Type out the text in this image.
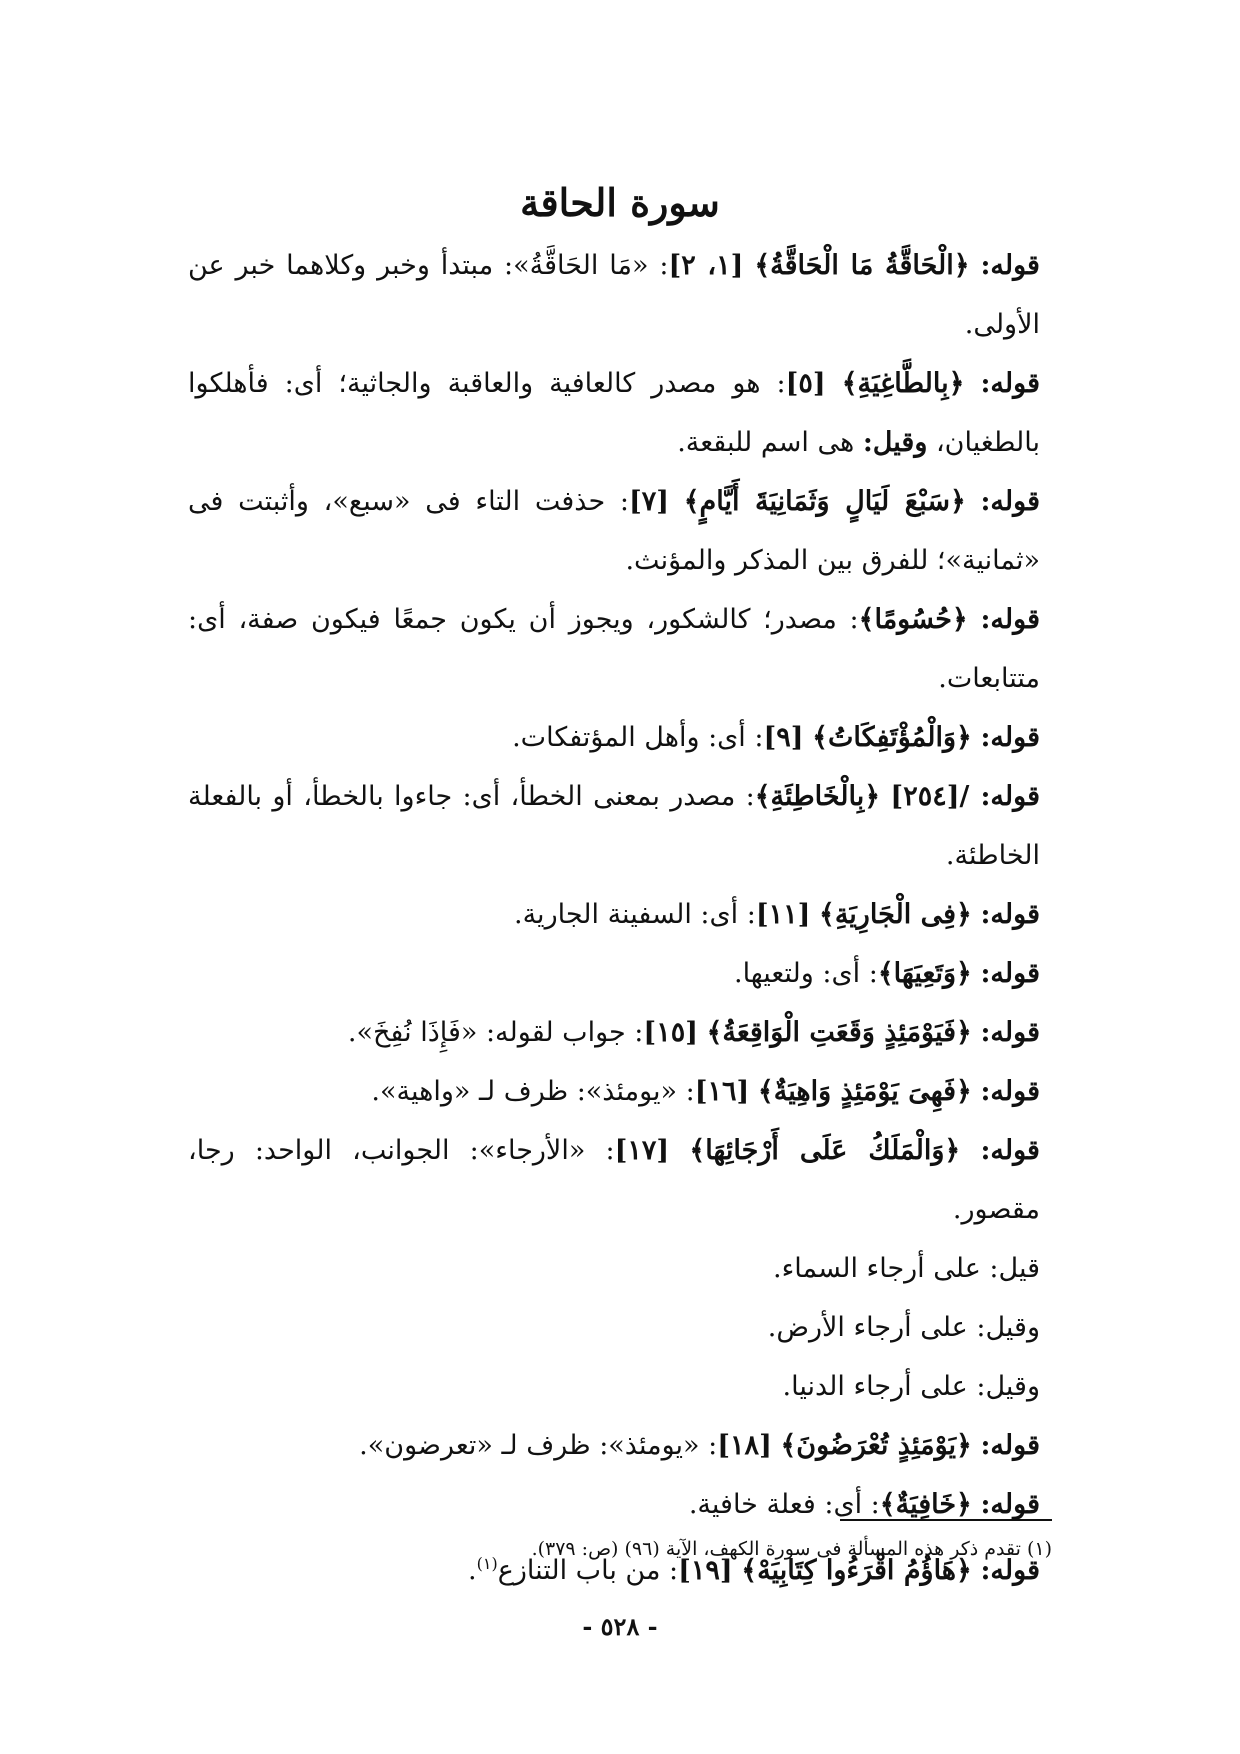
سورة الحاقة

قوله: ﴿الْحَاقَّةُ مَا الْحَاقَّةُ﴾ [١، ٢]: «مَا الحَاقَّةُ»: مبتدأ وخبر وكلاهما خبر عن الأولى.

قوله: ﴿بِالطَّاغِيَةِ﴾ [٥]: هو مصدر كالعافية والعاقبة والجاثية؛ أى: فأهلكوا بالطغيان، وقيل: هى اسم للبقعة.

قوله: ﴿سَبْعَ لَيَالٍ وَثَمَانِيَةَ أَيَّامٍ﴾ [٧]: حذفت التاء فى «سبع»، وأثبتت فى «ثمانية»؛ للفرق بين المذكر والمؤنث.

قوله: ﴿حُسُومًا﴾: مصدر؛ كالشكور، ويجوز أن يكون جمعًا فيكون صفة، أى: متتابعات.

قوله: ﴿وَالْمُؤْتَفِكَاتُ﴾ [٩]: أى: وأهل المؤتفكات.

قوله: /[٢٥٤] ﴿بِالْخَاطِئَةِ﴾: مصدر بمعنى الخطأ، أى: جاءوا بالخطأ، أو بالفعلة الخاطئة.

قوله: ﴿فِى الْجَارِيَةِ﴾ [١١]: أى: السفينة الجارية.

قوله: ﴿وَتَعِيَهَا﴾: أى: ولتعيها.

قوله: ﴿فَيَوْمَئِذٍ وَقَعَتِ الْوَاقِعَةُ﴾ [١٥]: جواب لقوله: «فَإِذَا نُفِخَ».

قوله: ﴿فَهِىَ يَوْمَئِذٍ وَاهِيَةٌ﴾ [١٦]: «يومئذ»: ظرف لـ «واهية».

قوله: ﴿وَالْمَلَكُ عَلَى أَرْجَائِهَا﴾ [١٧]: «الأرجاء»: الجوانب، الواحد: رجا، مقصور.

قيل: على أرجاء السماء.

وقيل: على أرجاء الأرض.

وقيل: على أرجاء الدنيا.

قوله: ﴿يَوْمَئِذٍ تُعْرَضُونَ﴾ [١٨]: «يومئذ»: ظرف لـ «تعرضون».

قوله: ﴿خَافِيَةٌ﴾: أى: فعلة خافية.

قوله: ﴿هَاؤُمُ اقْرَءُوا كِتَابِيَهْ﴾ [١٩]: من باب التنازع$^{(١)}$.

(١) تقدم ذكر هذه المسألة فى سورة الكهف، الآية (٩٦) (ص: ٣٧٩).
- ٥٢٨ -
